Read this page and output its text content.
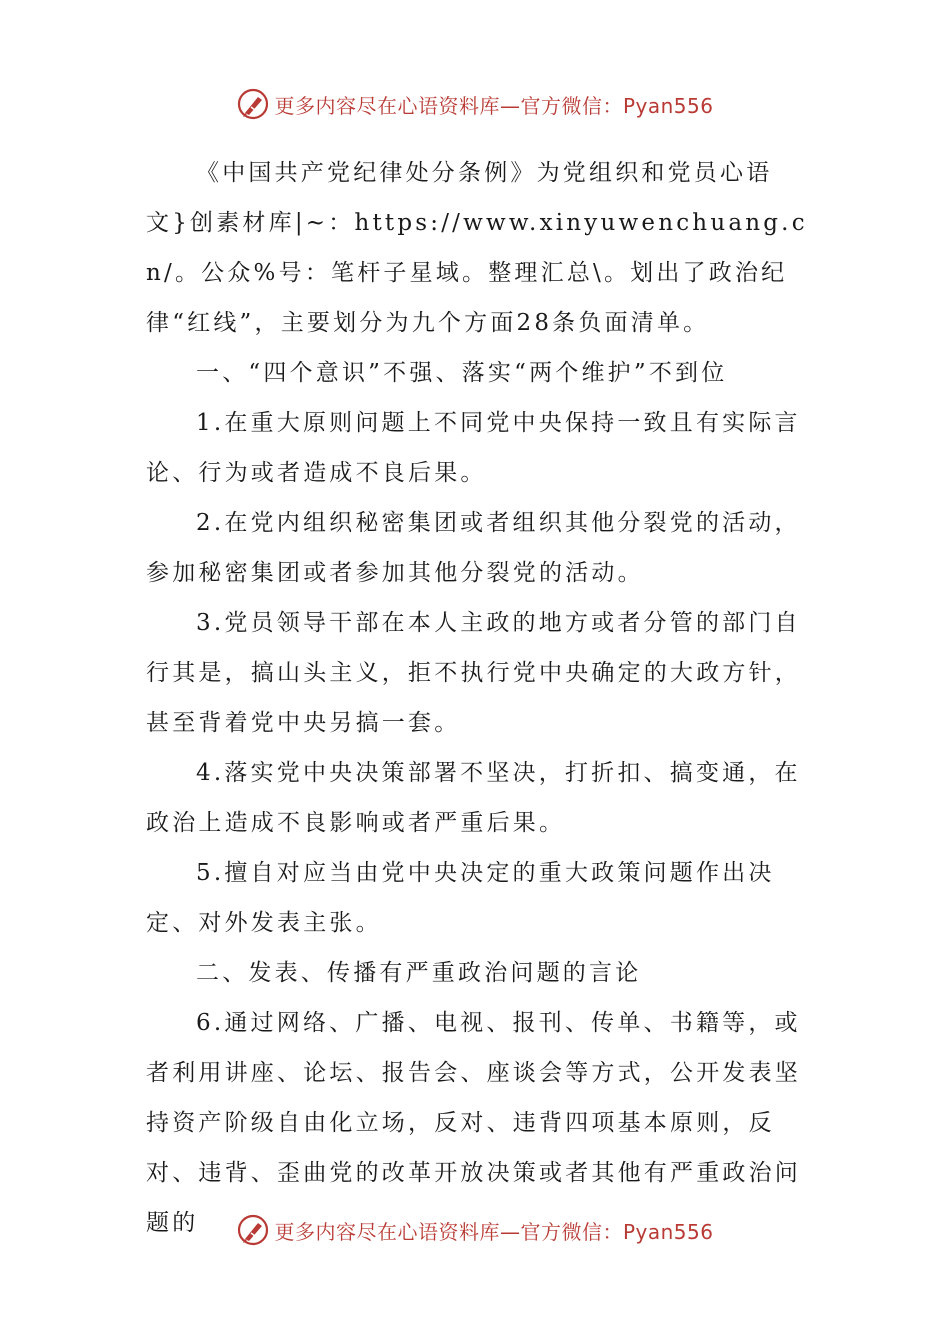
更多内容尽在心语资料库—官方微信：Pyan556

《中国共产党纪律处分条例》为党组织和党员心语文}创素材库|~：https://www.xinyuwenchuang.cn/。公众%号：笔杆子星域。整理汇总\。划出了政治纪律“红线”，主要划分为九个方面28条负面清单。

一、“四个意识”不强、落实“两个维护”不到位

1.在重大原则问题上不同党中央保持一致且有实际言论、行为或者造成不良后果。

2.在党内组织秘密集团或者组织其他分裂党的活动，参加秘密集团或者参加其他分裂党的活动。

3.党员领导干部在本人主政的地方或者分管的部门自行其是，搞山头主义，拒不执行党中央确定的大政方针，甚至背着党中央另搞一套。

4.落实党中央决策部署不坚决，打折扣、搞变通，在政治上造成不良影响或者严重后果。

5.擅自对应当由党中央决定的重大政策问题作出决定、对外发表主张。

二、发表、传播有严重政治问题的言论

6.通过网络、广播、电视、报刊、传单、书籍等，或者利用讲座、论坛、报告会、座谈会等方式，公开发表坚持资产阶级自由化立场，反对、违背四项基本原则，反对、违背、歪曲党的改革开放决策或者其他有严重政治问题的	更多内容尽在心语资料库—官方微信：Pyan556
